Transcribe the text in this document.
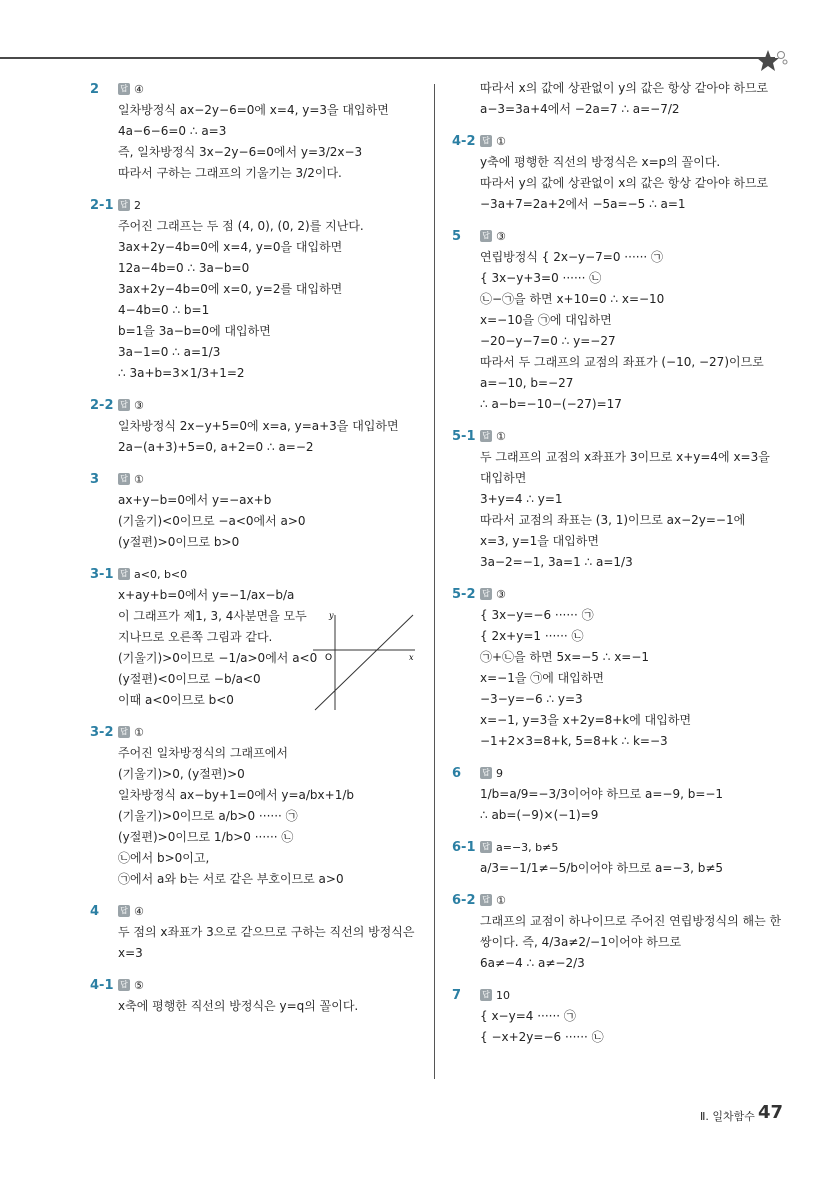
2	답 ④
일차방정식 ax−2y−6=0에 x=4, y=3을 대입하면
4a−6−6=0 ∴ a=3
즉, 일차방정식 3x−2y−6=0에서 y=3/2x−3
따라서 구하는 그래프의 기울기는 3/2이다.
2-1 답 2
주어진 그래프는 두 점 (4, 0), (0, 2)를 지난다.
3ax+2y−4b=0에 x=4, y=0을 대입하면
12a−4b=0 ∴ 3a−b=0
3ax+2y−4b=0에 x=0, y=2를 대입하면
4−4b=0 ∴ b=1
b=1을 3a−b=0에 대입하면
3a−1=0 ∴ a=1/3
∴ 3a+b=3×1/3+1=2
2-2 답 ③
일차방정식 2x−y+5=0에 x=a, y=a+3을 대입하면
2a−(a+3)+5=0, a+2=0 ∴ a=−2
3	답 ①
ax+y−b=0에서 y=−ax+b
(기울기)<0이므로 −a<0에서 a>0
(y절편)>0이므로 b>0
3-1 답 a<0, b<0
x+ay+b=0에서 y=−1/ax−b/a
이 그래프가 제1, 3, 4사분면을 모두
지나므로 오른쪽 그림과 같다.
(기울기)>0이므로 −1/a>0에서 a<0
(y절편)<0이므로 −b/a<0
이때 a<0이므로 b<0
3-2 답 ①
주어진 일차방정식의 그래프에서
(기울기)>0, (y절편)>0
일차방정식 ax−by+1=0에서 y=a/bx+1/b
(기울기)>0이므로 a/b>0 ······ ㉠
(y절편)>0이므로 1/b>0 ······ ㉡
㉡에서 b>0이고,
㉠에서 a와 b는 서로 같은 부호이므로 a>0
4	답 ④
두 점의 x좌표가 3으로 같으므로 구하는 직선의 방정식은
x=3
4-1 답 ⑤
x축에 평행한 직선의 방정식은 y=q의 꼴이다.
따라서 x의 값에 상관없이 y의 값은 항상 같아야 하므로
a−3=3a+4에서 −2a=7 ∴ a=−7/2
4-2 답 ①
y축에 평행한 직선의 방정식은 x=p의 꼴이다.
따라서 y의 값에 상관없이 x의 값은 항상 같아야 하므로
−3a+7=2a+2에서 −5a=−5 ∴ a=1
5	답 ③
연립방정식 { 2x−y−7=0 ······ ㉠
{ 3x−y+3=0 ······ ㉡
㉡−㉠을 하면 x+10=0 ∴ x=−10
x=−10을 ㉠에 대입하면
−20−y−7=0 ∴ y=−27
따라서 두 그래프의 교점의 좌표가 (−10, −27)이므로
a=−10, b=−27
∴ a−b=−10−(−27)=17
5-1 답 ①
두 그래프의 교점의 x좌표가 3이므로 x+y=4에 x=3을
대입하면
3+y=4 ∴ y=1
따라서 교점의 좌표는 (3, 1)이므로 ax−2y=−1에
x=3, y=1을 대입하면
3a−2=−1, 3a=1 ∴ a=1/3
5-2 답 ③
{ 3x−y=−6 ······ ㉠
{ 2x+y=1 ······ ㉡
㉠+㉡을 하면 5x=−5 ∴ x=−1
x=−1을 ㉠에 대입하면
−3−y=−6 ∴ y=3
x=−1, y=3을 x+2y=8+k에 대입하면
−1+2×3=8+k, 5=8+k ∴ k=−3
6	답 9
1/b=a/9=−3/3이어야 하므로 a=−9, b=−1
∴ ab=(−9)×(−1)=9
6-1 답 a=−3, b≠5
a/3=−1/1≠−5/b이어야 하므로 a=−3, b≠5
6-2 답 ①
그래프의 교점이 하나이므로 주어진 연립방정식의 해는 한
쌍이다. 즉, 4/3a≠2/−1이어야 하므로
6a≠−4 ∴ a≠−2/3
7	답 10
{ x−y=4 ······ ㉠
{ −x+2y=−6 ······ ㉡
y
x
O
Ⅱ. 일차함수 47
